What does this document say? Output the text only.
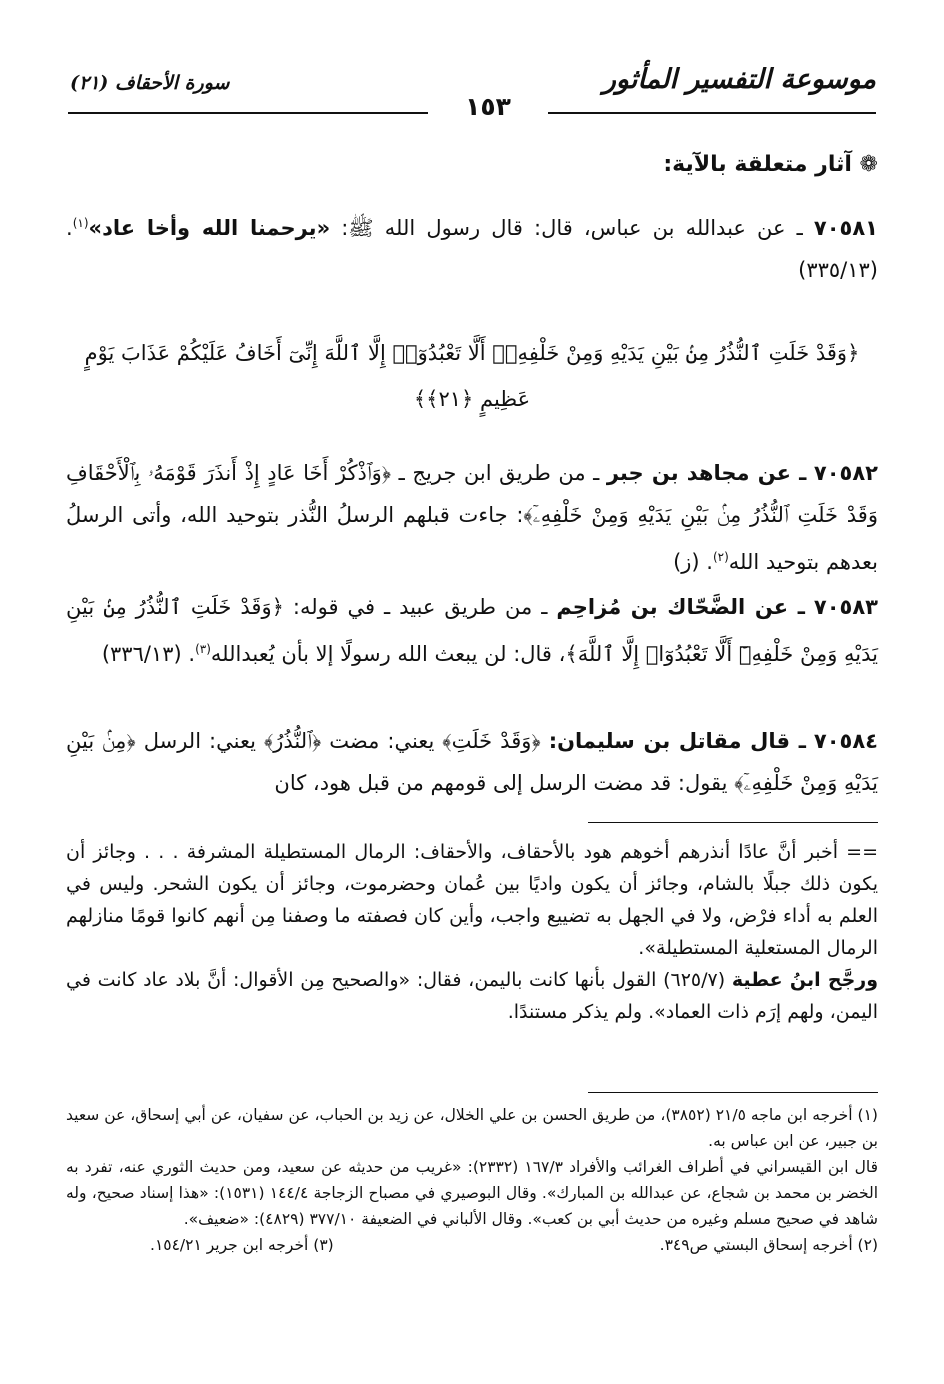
موسوعة التفسير المأثور
سورة الأحقاف (٢١)
١٥٣
❁ آثار متعلقة بالآية:
٧٠٥٨١ ـ عن عبدالله بن عباس، قال: قال رسول الله ﷺ: «يرحمنا الله وأخا عاد»$^{(١)}$. (٣٣٥/١٣)
﴿وَقَدْ خَلَتِ ٱلنُّذُرُ مِنۢ بَيْنِ يَدَيْهِ وَمِنْ خَلْفِهِۦٓ أَلَّا تَعْبُدُوٓا۟ إِلَّا ٱللَّهَ إِنِّىٓ أَخَافُ عَلَيْكُمْ عَذَابَ يَوْمٍ
عَظِيمٍ ﴿٢١﴾﴾
٧٠٥٨٢ ـ عن مجاهد بن جبر ـ من طريق ابن جريج ـ ﴿وَٱذْكُرْ أَخَا عَادٍ إِذْ أَنذَرَ قَوْمَهُۥ بِٱلْأَحْقَافِ وَقَدْ خَلَتِ ٱلنُّذُرُ مِنۢ بَيْنِ يَدَيْهِ وَمِنْ خَلْفِهِۦٓ﴾: جاءت قبلهم الرسلُ النُّذر بتوحيد الله، وأتى الرسلُ بعدهم بتوحيد الله$^{(٢)}$. (ز)
٧٠٥٨٣ ـ عن الضَّحّاك بن مُزاحِم ـ من طريق عبيد ـ في قوله: ﴿وَقَدْ خَلَتِ ٱلنُّذُرُ مِنۢ بَيْنِ يَدَيْهِ وَمِنْ خَلْفِهِۦٓ أَلَّا تَعْبُدُوٓا۟ إِلَّا ٱللَّهَ﴾، قال: لن يبعث الله رسولًا إلا بأن يُعبدالله$^{(٣)}$. (٣٣٦/١٣)
٧٠٥٨٤ ـ قال مقاتل بن سليمان: ﴿وَقَدْ خَلَتِ﴾ يعني: مضت ﴿ٱلنُّذُرُ﴾ يعني: الرسل ﴿مِنۢ بَيْنِ يَدَيْهِ وَمِنْ خَلْفِهِۦٓ﴾ يقول: قد مضت الرسل إلى قومهم من قبل هود، كان
== أخبر أنَّ عادًا أنذرهم أخوهم هود بالأحقاف، والأحقاف: الرمال المستطيلة المشرفة . . . وجائز أن يكون ذلك جبلًا بالشام، وجائز أن يكون واديًا بين عُمان وحضرموت، وجائز أن يكون الشحر. وليس في العلم به أداء فرْض، ولا في الجهل به تضييع واجب، وأين كان فصفته ما وصفنا مِن أنهم كانوا قومًا منازلهم الرمال المستعلية المستطيلة».
ورجَّح ابنُ عطية (٦٢٥/٧) القول بأنها كانت باليمن، فقال: «والصحيح مِن الأقوال: أنَّ بلاد عاد كانت في اليمن، ولهم إرَم ذات العماد». ولم يذكر مستندًا.
(١) أخرجه ابن ماجه ٢١/٥ (٣٨٥٢)، من طريق الحسن بن علي الخلال، عن زيد بن الحباب، عن سفيان، عن أبي إسحاق، عن سعيد بن جبير، عن ابن عباس به.
قال ابن القيسراني في أطراف الغرائب والأفراد ١٦٧/٣ (٢٣٣٢): «غريب من حديثه عن سعيد، ومن حديث الثوري عنه، تفرد به الخضر بن محمد بن شجاع، عن عبدالله بن المبارك». وقال البوصيري في مصباح الزجاجة ١٤٤/٤ (١٥٣١): «هذا إسناد صحيح، وله شاهد في صحيح مسلم وغيره من حديث أبي بن كعب». وقال الألباني في الضعيفة ٣٧٧/١٠ (٤٨٢٩): «ضعيف».
(٢) أخرجه إسحاق البستي ص٣٤٩.
(٣) أخرجه ابن جرير ١٥٤/٢١.
